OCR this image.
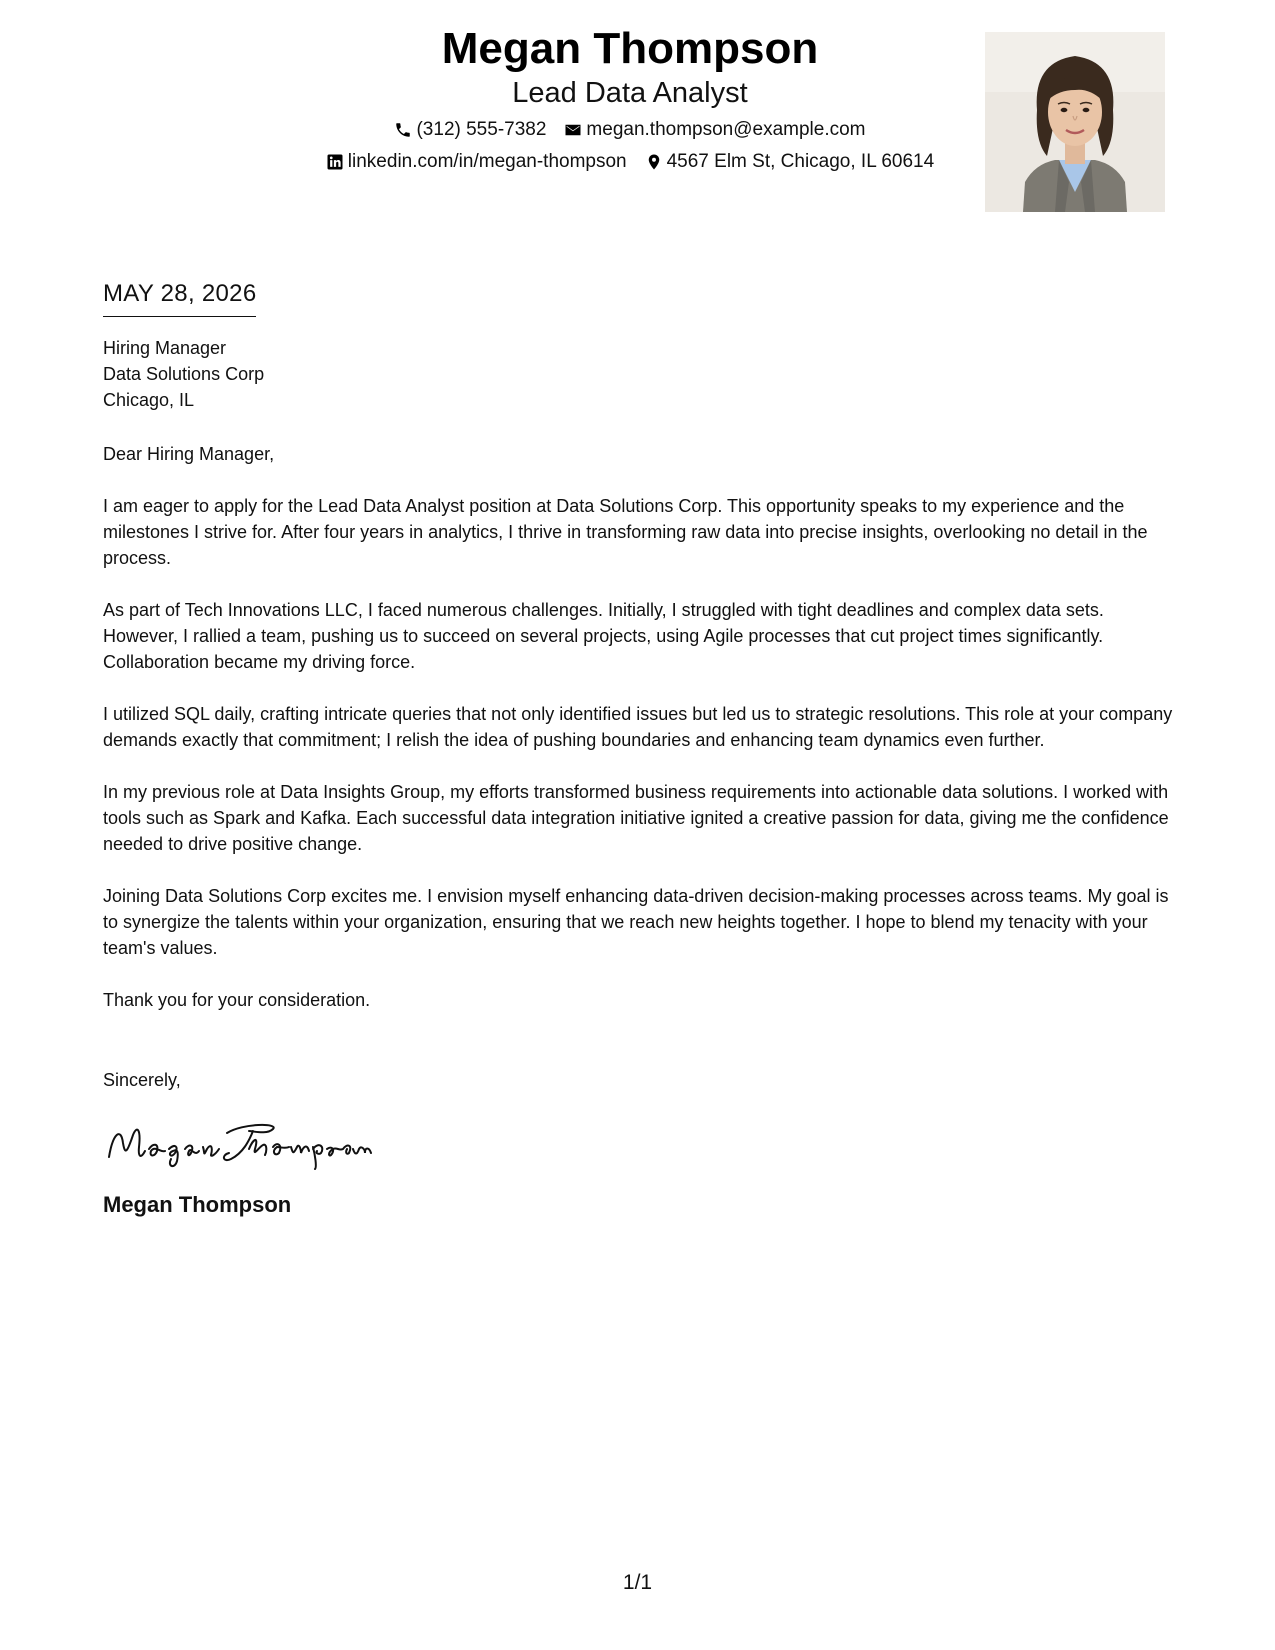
Megan Thompson
Lead Data Analyst
(312) 555-7382 megan.thompson@example.com
linkedin.com/in/megan-thompson 4567 Elm St, Chicago, IL 60614
MAY 28, 2026
Hiring Manager
Data Solutions Corp
Chicago, IL
Dear Hiring Manager,
I am eager to apply for the Lead Data Analyst position at Data Solutions Corp. This opportunity speaks to my experience and the milestones I strive for. After four years in analytics, I thrive in transforming raw data into precise insights, overlooking no detail in the process.
As part of Tech Innovations LLC, I faced numerous challenges. Initially, I struggled with tight deadlines and complex data sets. However, I rallied a team, pushing us to succeed on several projects, using Agile processes that cut project times significantly. Collaboration became my driving force.
I utilized SQL daily, crafting intricate queries that not only identified issues but led us to strategic resolutions. This role at your company demands exactly that commitment; I relish the idea of pushing boundaries and enhancing team dynamics even further.
In my previous role at Data Insights Group, my efforts transformed business requirements into actionable data solutions. I worked with tools such as Spark and Kafka. Each successful data integration initiative ignited a creative passion for data, giving me the confidence needed to drive positive change.
Joining Data Solutions Corp excites me. I envision myself enhancing data-driven decision-making processes across teams. My goal is to synergize the talents within your organization, ensuring that we reach new heights together. I hope to blend my tenacity with your team's values.
Thank you for your consideration.
Sincerely,
Megan Thompson
1/1
